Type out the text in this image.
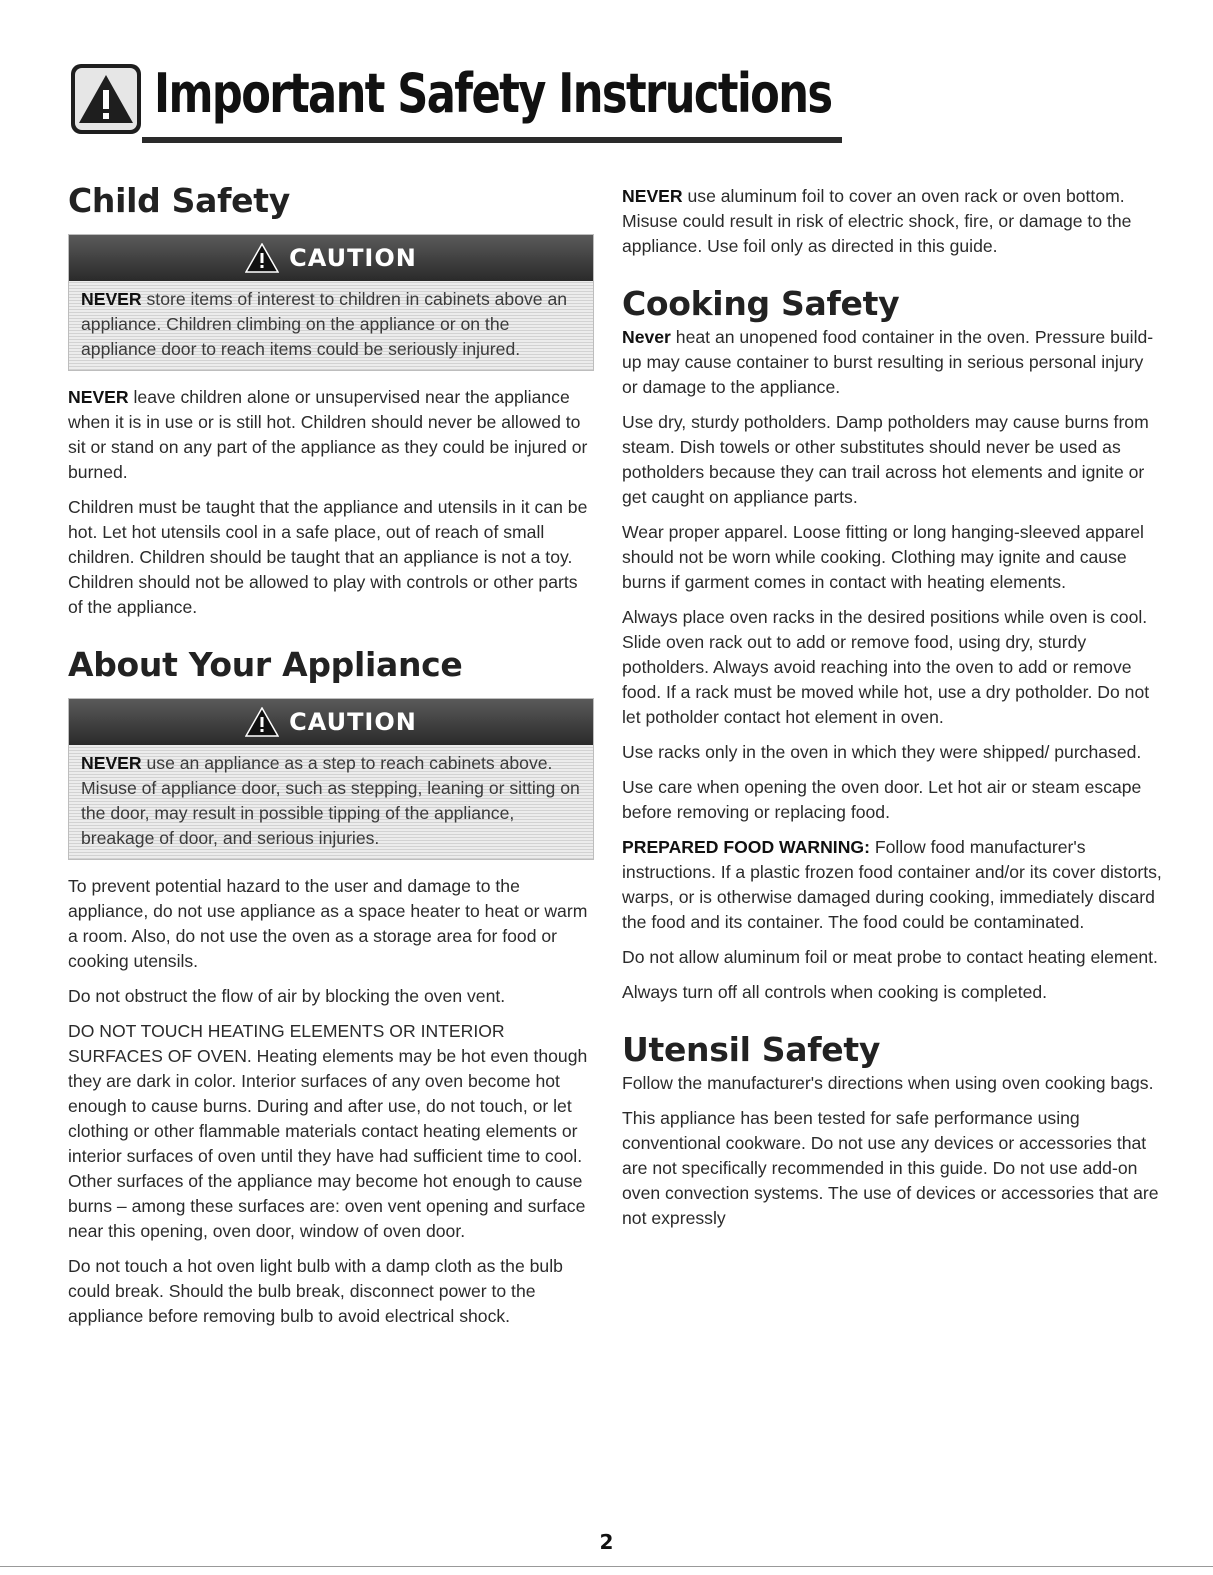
Important Safety Instructions
Child Safety
CAUTION
NEVER store items of interest to children in cabinets above an appliance. Children climbing on the appliance or on the appliance door to reach items could be seriously injured.

NEVER leave children alone or unsupervised near the appliance when it is in use or is still hot. Children should never be allowed to sit or stand on any part of the appliance as they could be injured or burned.

Children must be taught that the appliance and utensils in it can be hot. Let hot utensils cool in a safe place, out of reach of small children. Children should be taught that an appliance is not a toy. Children should not be allowed to play with controls or other parts of the appliance.

About Your Appliance
CAUTION
NEVER use an appliance as a step to reach cabinets above. Misuse of appliance door, such as stepping, leaning or sitting on the door, may result in possible tipping of the appliance, breakage of door, and serious injuries.

To prevent potential hazard to the user and damage to the appliance, do not use appliance as a space heater to heat or warm a room. Also, do not use the oven as a storage area for food or cooking utensils.

Do not obstruct the flow of air by blocking the oven vent.

DO NOT TOUCH HEATING ELEMENTS OR INTERIOR SURFACES OF OVEN. Heating elements may be hot even though they are dark in color. Interior surfaces of any oven become hot enough to cause burns. During and after use, do not touch, or let clothing or other flammable materials contact heating elements or interior surfaces of oven until they have had sufficient time to cool. Other surfaces of the appliance may become hot enough to cause burns – among these surfaces are: oven vent opening and surface near this opening, oven door, window of oven door.

Do not touch a hot oven light bulb with a damp cloth as the bulb could break. Should the bulb break, disconnect power to the appliance before removing bulb to avoid electrical shock.

NEVER use aluminum foil to cover an oven rack or oven bottom. Misuse could result in risk of electric shock, fire, or damage to the appliance. Use foil only as directed in this guide.

Cooking Safety

Never heat an unopened food container in the oven. Pressure build-up may cause container to burst resulting in serious personal injury or damage to the appliance.

Use dry, sturdy potholders. Damp potholders may cause burns from steam. Dish towels or other substitutes should never be used as potholders because they can trail across hot elements and ignite or get caught on appliance parts.

Wear proper apparel. Loose fitting or long hanging-sleeved apparel should not be worn while cooking. Clothing may ignite and cause burns if garment comes in contact with heating elements.

Always place oven racks in the desired positions while oven is cool. Slide oven rack out to add or remove food, using dry, sturdy potholders. Always avoid reaching into the oven to add or remove food. If a rack must be moved while hot, use a dry potholder. Do not let potholder contact hot element in oven.

Use racks only in the oven in which they were shipped/ purchased.

Use care when opening the oven door. Let hot air or steam escape before removing or replacing food.

PREPARED FOOD WARNING: Follow food manufacturer's instructions. If a plastic frozen food container and/or its cover distorts, warps, or is otherwise damaged during cooking, immediately discard the food and its container. The food could be contaminated.

Do not allow aluminum foil or meat probe to contact heating element.

Always turn off all controls when cooking is completed.

Utensil Safety

Follow the manufacturer's directions when using oven cooking bags.

This appliance has been tested for safe performance using conventional cookware. Do not use any devices or accessories that are not specifically recommended in this guide. Do not use add-on oven convection systems. The use of devices or accessories that are not expressly

2
